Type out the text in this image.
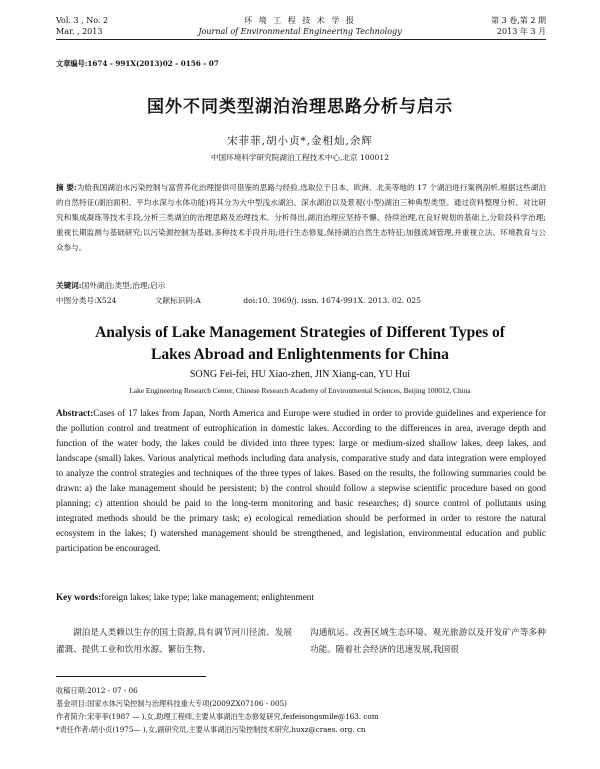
Vol. 3 , No. 2
Mar. , 2013
环 境 工 程 技 术 学 报
Journal of Environmental Engineering Technology
第 3 卷,第 2 期
2013 年 3 月
文章编号:1674 - 991X(2013)02 - 0156 - 07
国外不同类型湖泊治理思路分析与启示
宋菲菲,胡小贞*,金相灿,余辉
中国环境科学研究院湖泊工程技术中心,北京 100012
摘 要:为給我国湖泊水污染控制与富营养化治理提供可借鉴的思路与经验,选取位于日本、欧洲、北美等地的 17 个湖泊进行案例剖析,根据这些湖泊的自然特征(湖泊面积、平均水深与水体功能)将其分为大中型浅水湖泊、深水湖泊以及景观(小型)湖泊三种典型类型。通过资料整理分析、对比研究和集成凝练等技术手段,分析三类湖泊的治理思路及治理技术。分析得出,湖泊治理应坚持不懈、持续治理,在良好规划的基础上,分阶段科学治理;重视长期监测与基础研究;以污染源控制为基础,多种技术手段并用;进行生态修复,保持湖泊自然生态特征;加强流域管理,并重视立法、环境教育与公众参与。
关键词:国外湖泊;类型;治理;启示
中图分类号:X524	文献标识码:A	doi:10. 3969/j. issn. 1674-991X. 2013. 02. 025
Analysis of Lake Management Strategies of Different Types of
Lakes Abroad and Enlightenments for China
SONG Fei-fei, HU Xiao-zhen, JIN Xiang-can, YU Hui
Lake Engineering Research Center, Chinese Research Academy of Environmental Sciences, Beijing 100012, China
Abstract:Cases of 17 lakes from Japan, North America and Europe were studied in order to provide guidelines and experience for the pollution control and treatment of eutrophication in domestic lakes. According to the differences in area, average depth and function of the water body, the lakes could be divided into three types: large or medium-sized shallow lakes, deep lakes, and landscape (small) lakes. Various analytical methods including data analysis, comparative study and data integration were employed to analyze the control strategies and techniques of the three types of lakes. Based on the results, the following summaries could be drawn: a) the lake management should be persistent; b) the control should follow a stepwise scientific procedure based on good planning; c) attention should be paid to the long-term monitoring and basic researches; d) source control of pollutants using integrated methods should be the primary task; e) ecological remediation should be performed in order to restore the natural ecosystem in the lakes; f) watershed management should be strengthened, and legislation, environmental education and public participation be encouraged.
Key words:foreign lakes; lake type; lake management; enlightenment
湖泊是人类赖以生存的国土资源,具有调节河川径流、发展灌溉、提供工业和饮用水源、繁衍生物、
沟通航运、改善区域生态环境、观光旅游以及开发矿产等多种功能。随着社会经济的迅速发展,我国很
收稿日期:2012 - 07 - 06
基金项目:国家水体污染控制与治理科技重大专项(2009ZX07106 - 005)
作者简介:宋菲菲(1987 — ),女,助理工程师,主要从事湖泊生态修复研究,feifeisongsmile@163. com
*责任作者:胡小贞(1975— ),女,副研究员,主要从事湖泊污染控制技术研究,huxz@craes. org. cn
